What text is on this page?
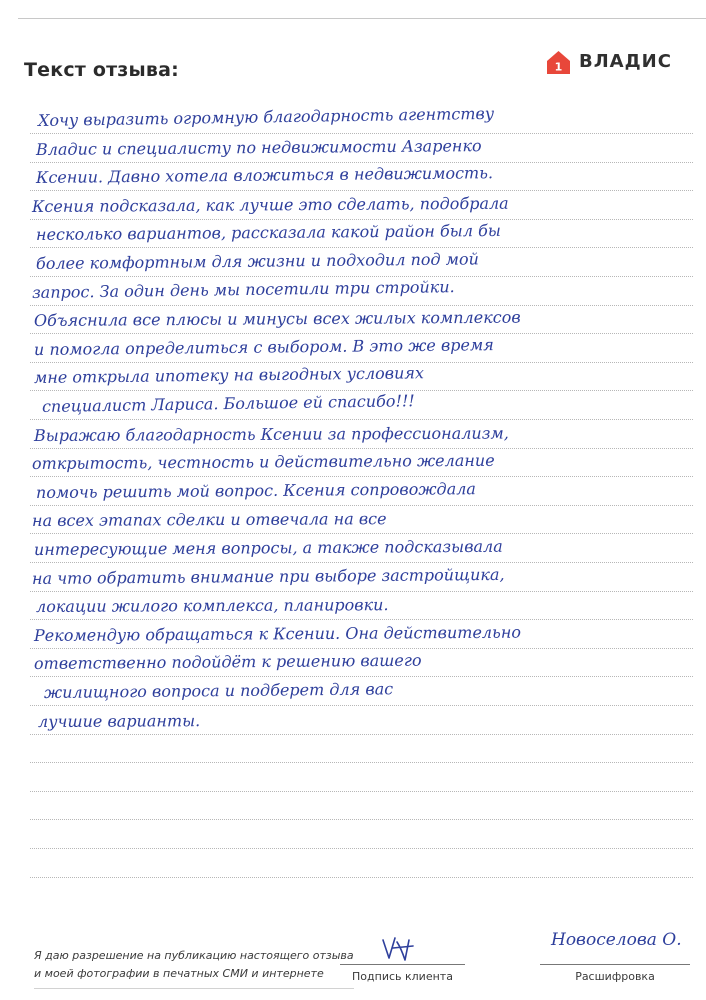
Текст отзыва:	1 ВЛАДИС
Хочу выразить огромную благодарность агентству
Владис и специалисту по недвижимости Азаренко
Ксении. Давно хотела вложиться в недвижимость.
Ксения подсказала, как лучше это сделать, подобрала
несколько вариантов, рассказала какой район был бы
более комфортным для жизни и подходил под мой
запрос. За один день мы посетили три стройки.
Объяснила все плюсы и минусы всех жилых комплексов
и помогла определиться с выбором. В это же время
мне открыла ипотеку на выгодных условиях
специалист Лариса. Большое ей спасибо!!!
Выражаю благодарность Ксении за профессионализм,
открытость, честность и действительно желание
помочь решить мой вопрос. Ксения сопровождала
на всех этапах сделки и отвечала на все
интересующие меня вопросы, а также подсказывала
на что обратить внимание при выборе застройщика,
локации жилого комплекса, планировки.
Рекомендую обращаться к Ксении. Она действительно
ответственно подойдёт к решению вашего
жилищного вопроса и подберет для вас
лучшие варианты.
Я даю разрешение на публикацию настоящего отзыва и моей фотографии в печатных СМИ и интернете	Подпись клиента
Новоселова О.
Расшифровка
